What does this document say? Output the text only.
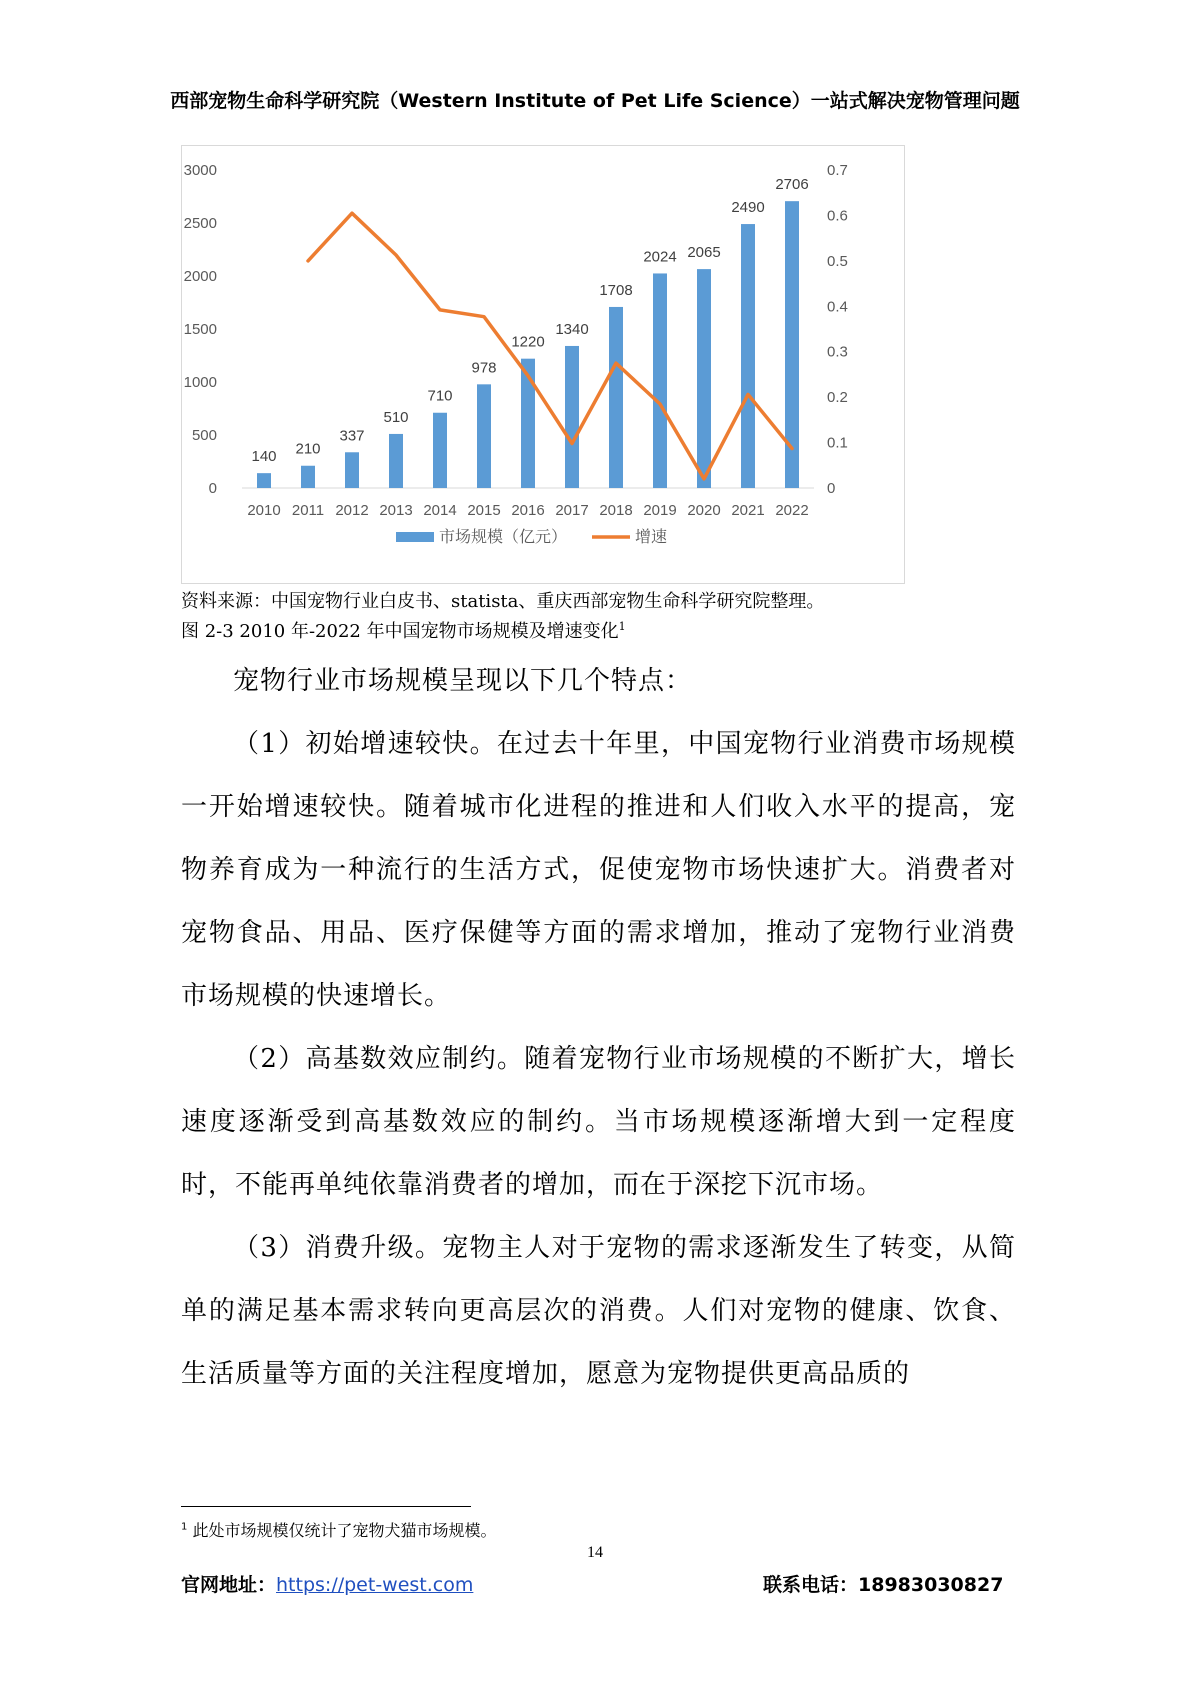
西部宠物生命科学研究院（Western Institute of Pet Life Science）一站式解决宠物管理问题
0
500
1000
1500
2000
2500
3000
0
0.1
0.2
0.3
0.4
0.5
0.6
0.7
140
2010
210
2011
337
2012
510
2013
710
2014
978
2015
1220
2016
1340
2017
1708
2018
2024
2019
2065
2020
2490
2021
2706
2022
市场规模（亿元）	增速
资料来源：中国宠物行业白皮书、statista、重庆西部宠物生命科学研究院整理。
图 2-3 2010 年-2022 年中国宠物市场规模及增速变化$^1$

宠物行业市场规模呈现以下几个特点：

（1）初始增速较快。在过去十年里，中国宠物行业消费市场规模一开始增速较快。随着城市化进程的推进和人们收入水平的提高，宠物养育成为一种流行的生活方式，促使宠物市场快速扩大。消费者对宠物食品、用品、医疗保健等方面的需求增加，推动了宠物行业消费市场规模的快速增长。

（2）高基数效应制约。随着宠物行业市场规模的不断扩大，增长速度逐渐受到高基数效应的制约。当市场规模逐渐增大到一定程度时，不能再单纯依靠消费者的增加，而在于深挖下沉市场。

（3）消费升级。宠物主人对于宠物的需求逐渐发生了转变，从简单的满足基本需求转向更高层次的消费。人们对宠物的健康、饮食、生活质量等方面的关注程度增加，愿意为宠物提供更高品质的

$^1$ 此处市场规模仅统计了宠物犬猫市场规模。
14
官网地址：https://pet-west.com	联系电话：18983030827
